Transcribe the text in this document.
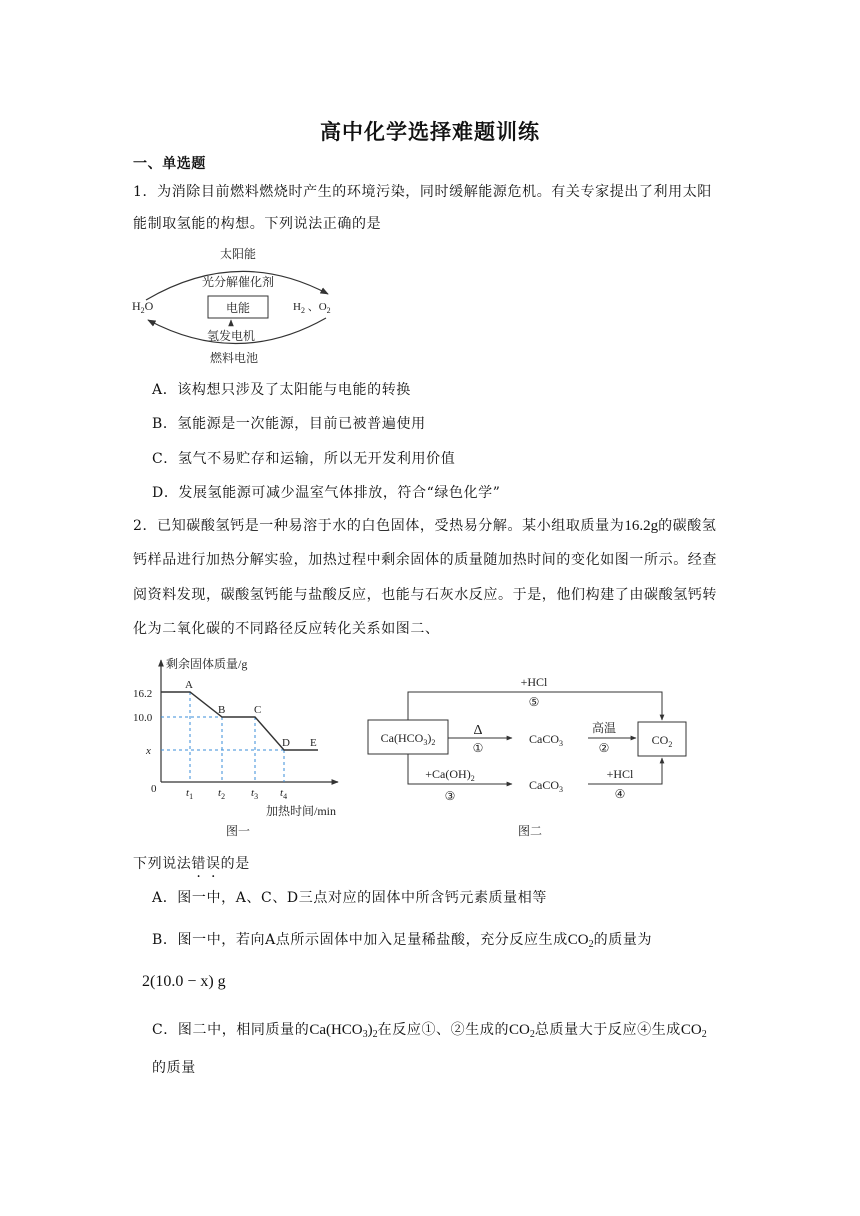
高中化学选择难题训练
一、单选题
1．为消除目前燃料燃烧时产生的环境污染，同时缓解能源危机。有关专家提出了利用太阳
能制取氢能的构想。下列说法正确的是
太阳能
光分解催化剂
$H_2O$	$H_2$ 、$O_2$
电能
氢发电机
燃料电池
A．该构想只涉及了太阳能与电能的转换
B．氢能源是一次能源，目前已被普遍使用
C．氢气不易贮存和运输，所以无开发利用价值
D．发展氢能源可减少温室气体排放，符合“绿色化学”
2．已知碳酸氢钙是一种易溶于水的白色固体，受热易分解。某小组取质量为16.2g的碳酸氢
钙样品进行加热分解实验，加热过程中剩余固体的质量随加热时间的变化如图一所示。经查
阅资料发现，碳酸氢钙能与盐酸反应，也能与石灰水反应。于是，他们构建了由碳酸氢钙转
化为二氧化碳的不同路径反应转化关系如图二、
剩余固体质量/g
16.2
10.0
x
0
A
B	C
D E
$t_1$ $t_2$ $t_3$ $t_4$
加热时间/min
图一
$Ca(HCO_3)_2$	$CO_2$
+HCl
⑤
Δ
①
CaCO$_3$
高温
②
$+Ca(OH)_2$
③
CaCO$_3$
+HCl
④
图二
下列说法错误的是
A．图一中，A、C、D三点对应的固体中所含钙元素质量相等
B．图一中，若向A点所示固体中加入足量稀盐酸，充分反应生成$CO_2$的质量为
2(10.0 − x) g
C．图二中，相同质量的$Ca(HCO_3)_2$在反应①、②生成的$CO_2$总质量大于反应④生成$CO_2$
的质量
